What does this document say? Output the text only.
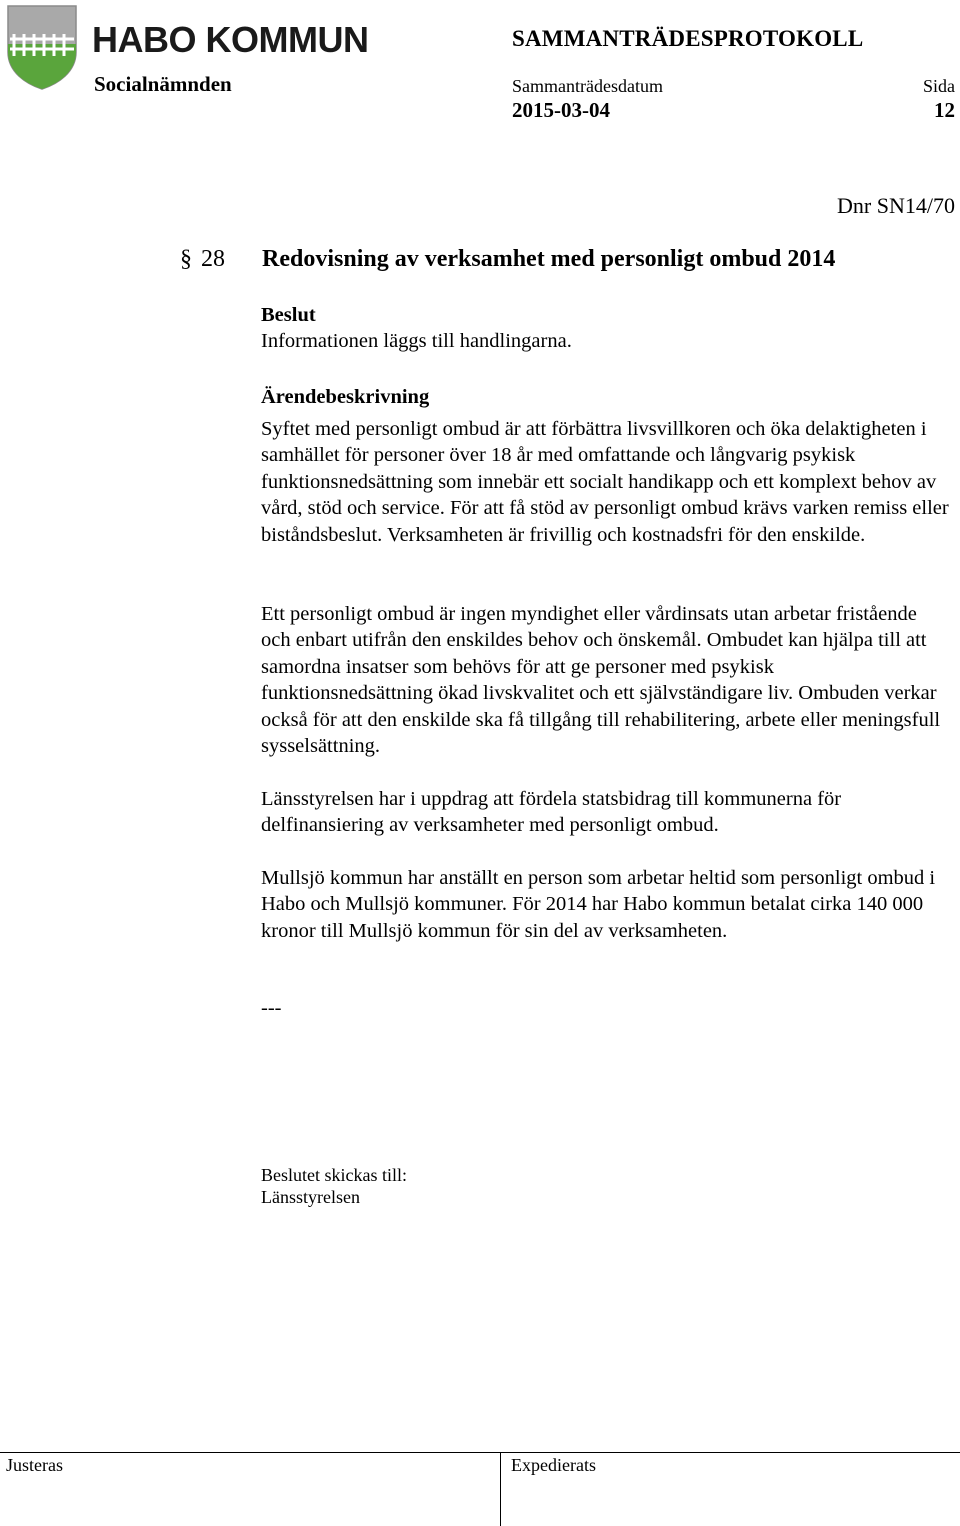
HABO KOMMUN
Socialnämnden
SAMMANTRÄDESPROTOKOLL
Sammanträdesdatum	Sida
2015-03-04	12
Dnr SN14/70
§ 28 Redovisning av verksamhet med personligt ombud 2014

Beslut

Informationen läggs till handlingarna.

Ärendebeskrivning

Syftet med personligt ombud är att förbättra livsvillkoren och öka delaktigheten i samhället för personer över 18 år med omfattande och långvarig psykisk funktionsnedsättning som innebär ett socialt handikapp och ett komplext behov av vård, stöd och service. För att få stöd av personligt ombud krävs varken remiss eller biståndsbeslut. Verksamheten är frivillig och kostnadsfri för den enskilde.

Ett personligt ombud är ingen myndighet eller vårdinsats utan arbetar fristående och enbart utifrån den enskildes behov och önskemål. Ombudet kan hjälpa till att samordna insatser som behövs för att ge personer med psykisk funktionsnedsättning ökad livskvalitet och ett självständigare liv. Ombuden verkar också för att den enskilde ska få tillgång till rehabilitering, arbete eller meningsfull sysselsättning.

Länsstyrelsen har i uppdrag att fördela statsbidrag till kommunerna för delfinansiering av verksamheter med personligt ombud.

Mullsjö kommun har anställt en person som arbetar heltid som personligt ombud i Habo och Mullsjö kommuner. För 2014 har Habo kommun betalat cirka 140 000 kronor till Mullsjö kommun för sin del av verksamheten.

---
Beslutet skickas till:
Länsstyrelsen
Justeras	Expedierats
